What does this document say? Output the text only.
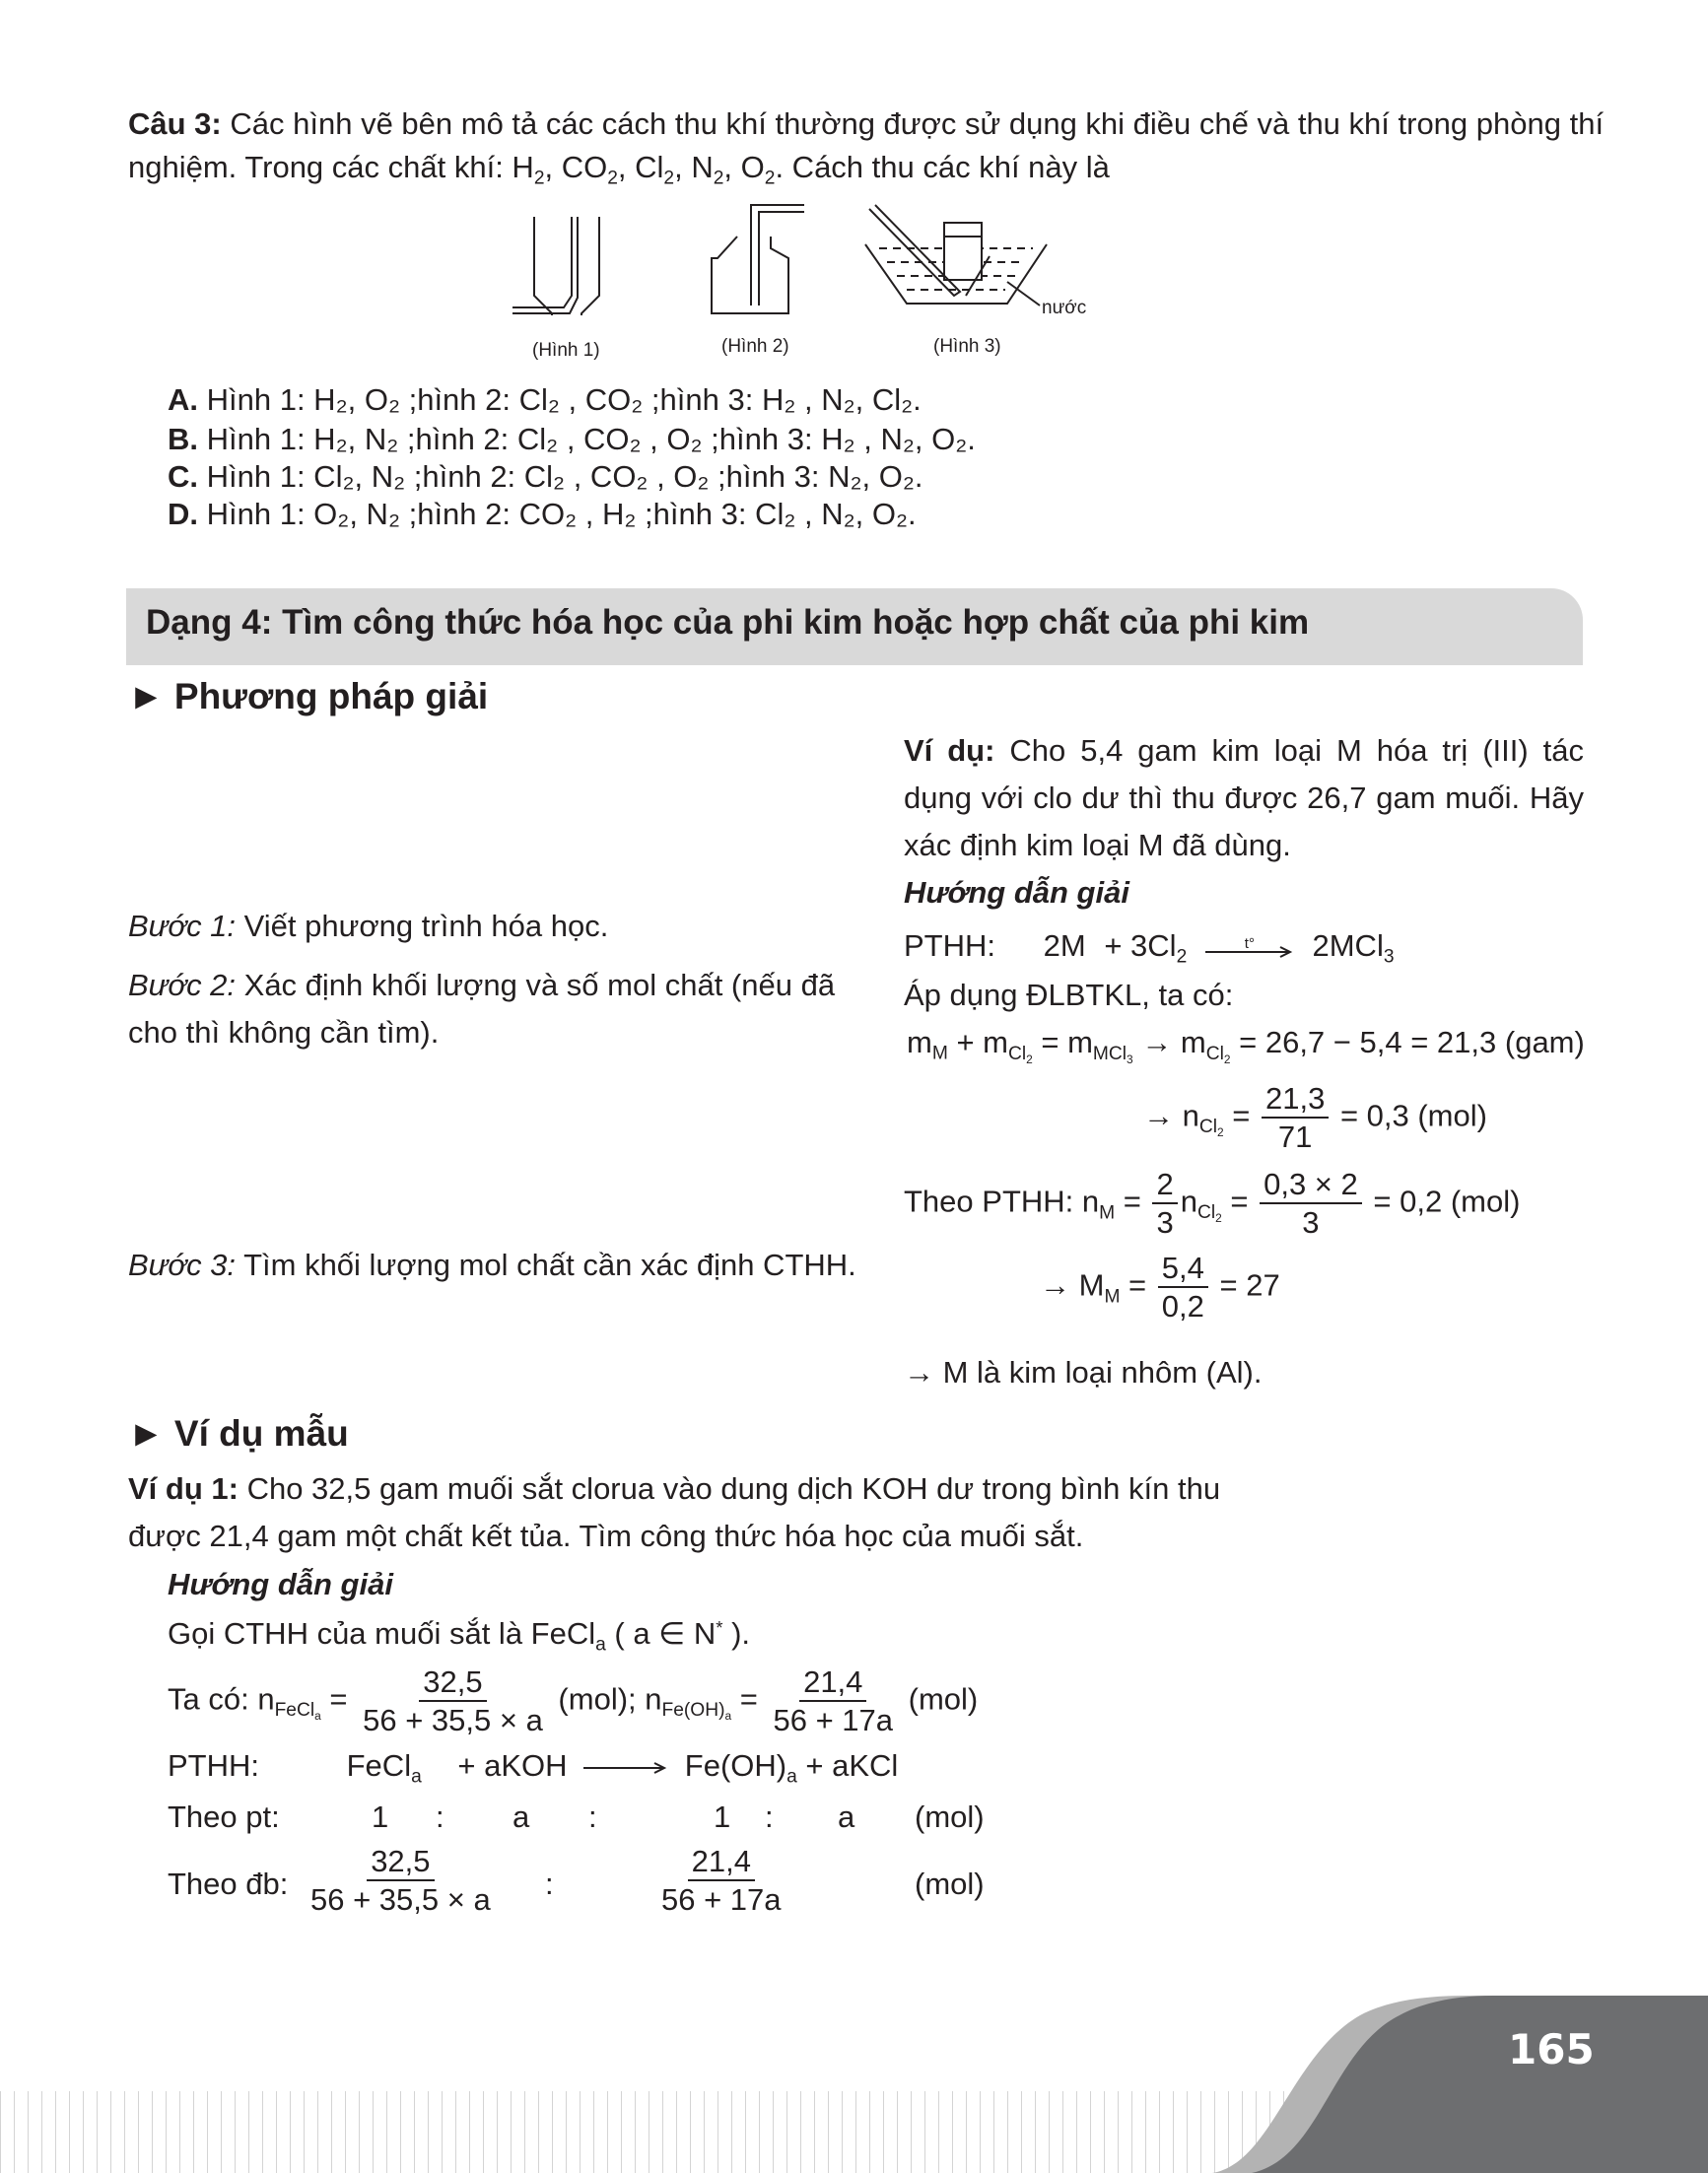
Câu 3: Các hình vẽ bên mô tả các cách thu khí thường được sử dụng khi điều chế và thu khí trong phòng thí
nghiệm. Trong các chất khí: $H_2$, $CO_2$, $Cl_2$, $N_2$, $O_2$. Cách thu các khí này là
(Hình 1)	(Hình 2)	(Hình 3)
nước
A. Hình 1: H₂, O₂ ;hình 2: Cl₂ , CO₂ ;hình 3: H₂ , N₂, Cl₂.
B. Hình 1: H₂, N₂ ;hình 2: Cl₂ , CO₂ , O₂ ;hình 3: H₂ , N₂, O₂.
C. Hình 1: Cl₂, N₂ ;hình 2: Cl₂ , CO₂ , O₂ ;hình 3: N₂, O₂.
D. Hình 1: O₂, N₂ ;hình 2: CO₂ , H₂ ;hình 3: Cl₂ , N₂, O₂.
Dạng 4: Tìm công thức hóa học của phi kim hoặc hợp chất của phi kim
► Phương pháp giải
Bước 1: Viết phương trình hóa học.
Bước 2: Xác định khối lượng và số mol chất (nếu đã cho thì không cần tìm).
Bước 3: Tìm khối lượng mol chất cần xác định CTHH.
Ví dụ: Cho 5,4 gam kim loại M hóa trị (III) tác dụng với clo dư thì thu được 26,7 gam muối. Hãy xác định kim loại M đã dùng.
Hướng dẫn giải
PTHH: $2M + 3Cl_2$
t° 2MCl$_3$
Áp dụng ĐLBTKL, ta có:
$m_M + m_{Cl_2} = m_{MCl_3} \to m_{Cl_2} = 26,7 - 5,4 = 21,3$ (gam)
→ $n_{Cl_2} = \frac{21,3}{71} = 0,3$ (mol)
Theo PTHH: $n_M = \frac{2}{3} n_{Cl_2} = \frac{0,3 \times 2}{3} = 0,2$ (mol)
→ $M_M = \frac{5,4}{0,2} = 27$
→ M là kim loại nhôm (Al).
► Ví dụ mẫu
Ví dụ 1: Cho 32,5 gam muối sắt clorua vào dung dịch KOH dư trong bình kín thu
được 21,4 gam một chất kết tủa. Tìm công thức hóa học của muối sắt.
Hướng dẫn giải
Gọi CTHH của muối sắt là FeCl$_a$ ( a ∈ N* ).
Ta có: $n_{FeCl_a} = \frac{32,5}{56 + 35,5 \times a} (mol)$; $n_{Fe(OH)_a} = \frac{21,4}{56 + 17a} (mol)$
PTHH:	FeCl$_a$ + aKOH	$Fe(OH)_a$ + aKCl
Theo pt:	1 : a :	1 : a (mol)
Theo đb: $\frac{32,5}{56 + 35,5 \times a}$ :	$\frac{21,4}{56 + 17a}$	(mol)
165
